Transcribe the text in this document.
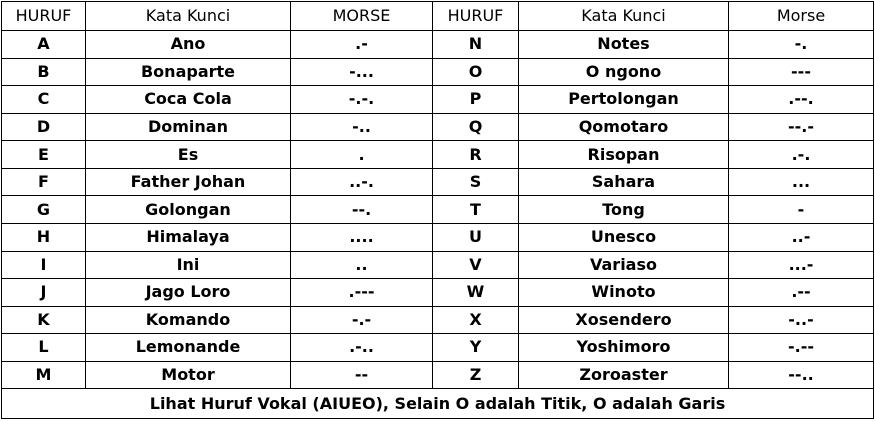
HURUF	Kata Kunci	MORSE	HURUF	Kata Kunci	Morse
A	Ano	.-	N	Notes	-.
B	Bonaparte	-...	O	O ngono	---
C	Coca Cola	-.-.	P	Pertolongan	.--.
D	Dominan	-..	Q	Qomotaro	--.-
E	Es	.	R	Risopan	.-.
F	Father Johan	..-.	S	Sahara	...
G	Golongan	--.	T	Tong	-
H	Himalaya	....	U	Unesco	..-
I	Ini	..	V	Variaso	...-
J	Jago Loro	.---	W	Winoto	.--
K	Komando	-.-	X	Xosendero	-..-
L	Lemonande	.-..	Y	Yoshimoro	-.--
M	Motor	--	Z	Zoroaster	--..
Lihat Huruf Vokal (AIUEO), Selain O adalah Titik, O adalah Garis					
